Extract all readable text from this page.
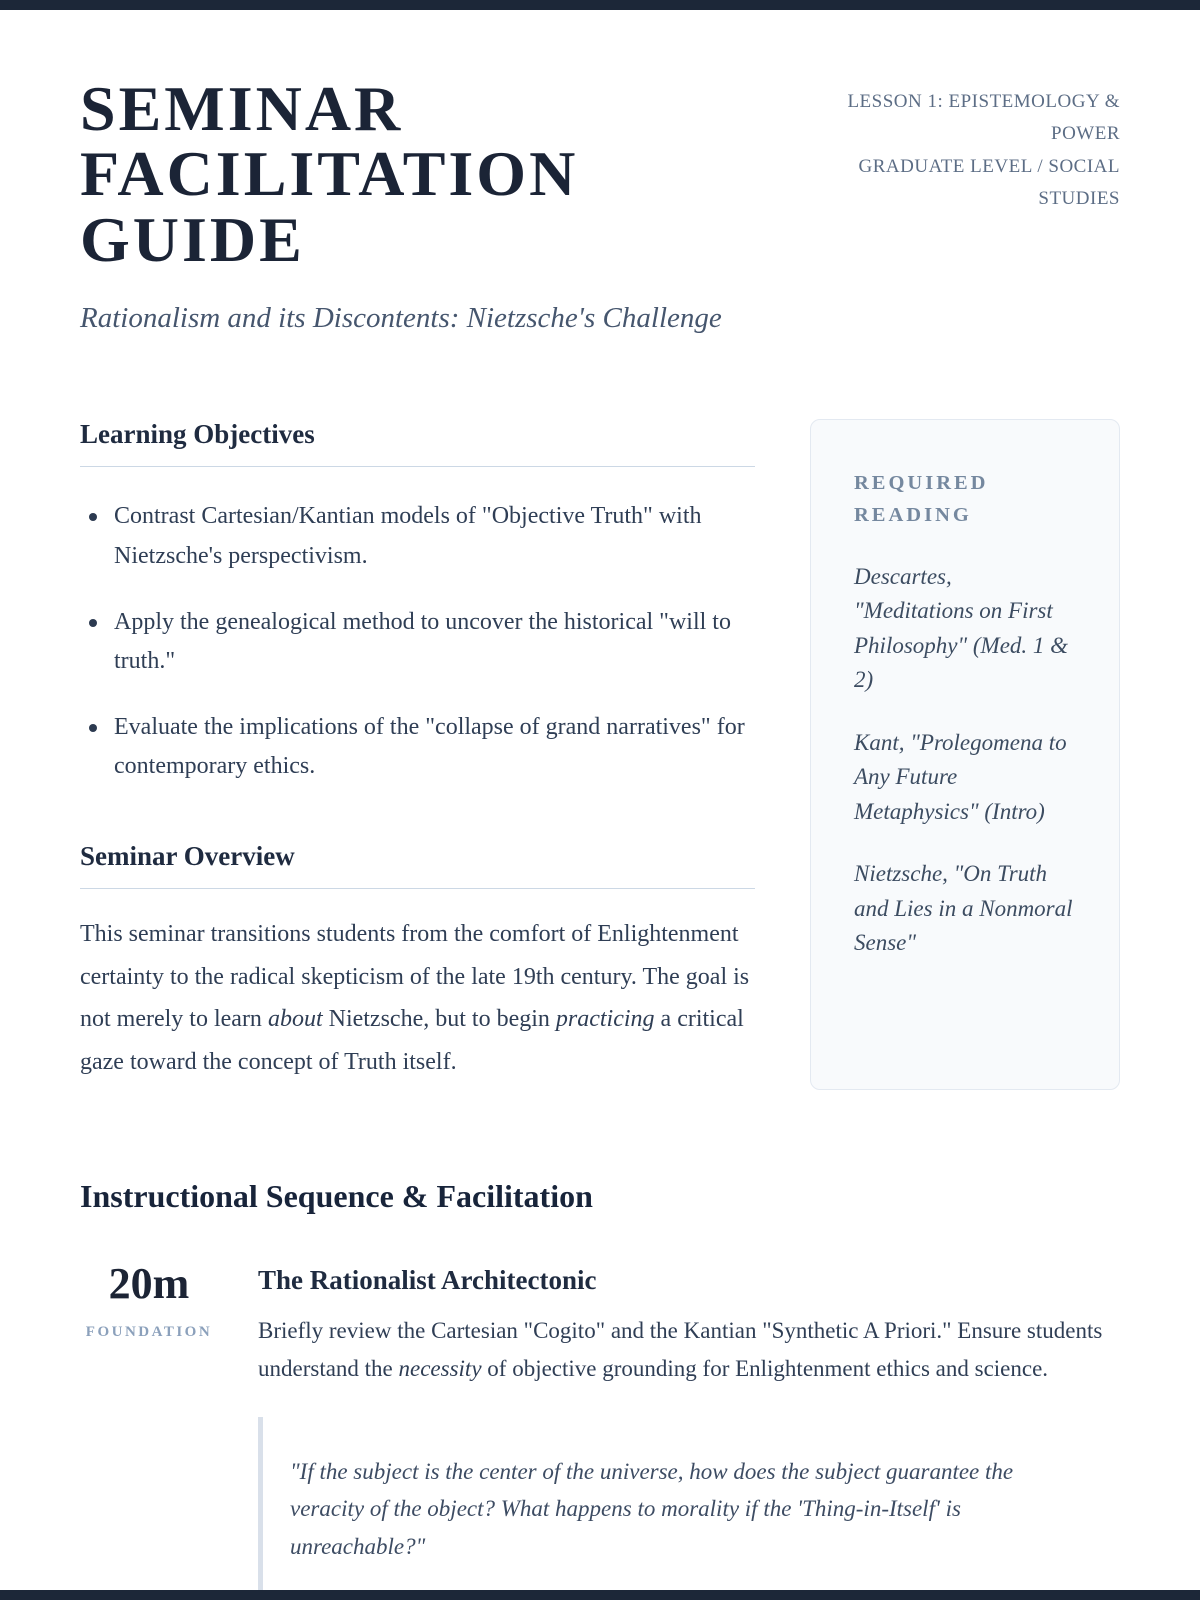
SEMINAR FACILITATION GUIDE

Rationalism and its Discontents: Nietzsche's Challenge

LESSON 1: EPISTEMOLOGY & POWER
GRADUATE LEVEL / SOCIAL STUDIES
Learning Objectives
Contrast Cartesian/Kantian models of "Objective Truth" with Nietzsche's perspectivism.
Apply the genealogical method to uncover the historical "will to truth."
Evaluate the implications of the "collapse of grand narratives" for contemporary ethics.
Seminar Overview

This seminar transitions students from the comfort of Enlightenment certainty to the radical skepticism of the late 19th century. The goal is not merely to learn about Nietzsche, but to begin practicing a critical gaze toward the concept of Truth itself.

REQUIRED READING

Descartes, "Meditations on First Philosophy" (Med. 1 & 2)

Kant, "Prolegomena to Any Future Metaphysics" (Intro)

Nietzsche, "On Truth and Lies in a Nonmoral Sense"

Instructional Sequence & Facilitation
20m
FOUNDATION
The Rationalist Architectonic

Briefly review the Cartesian "Cogito" and the Kantian "Synthetic A Priori." Ensure students understand the necessity of objective grounding for Enlightenment ethics and science.

"If the subject is the center of the universe, how does the subject guarantee the veracity of the object? What happens to morality if the 'Thing-in-Itself' is unreachable?"
